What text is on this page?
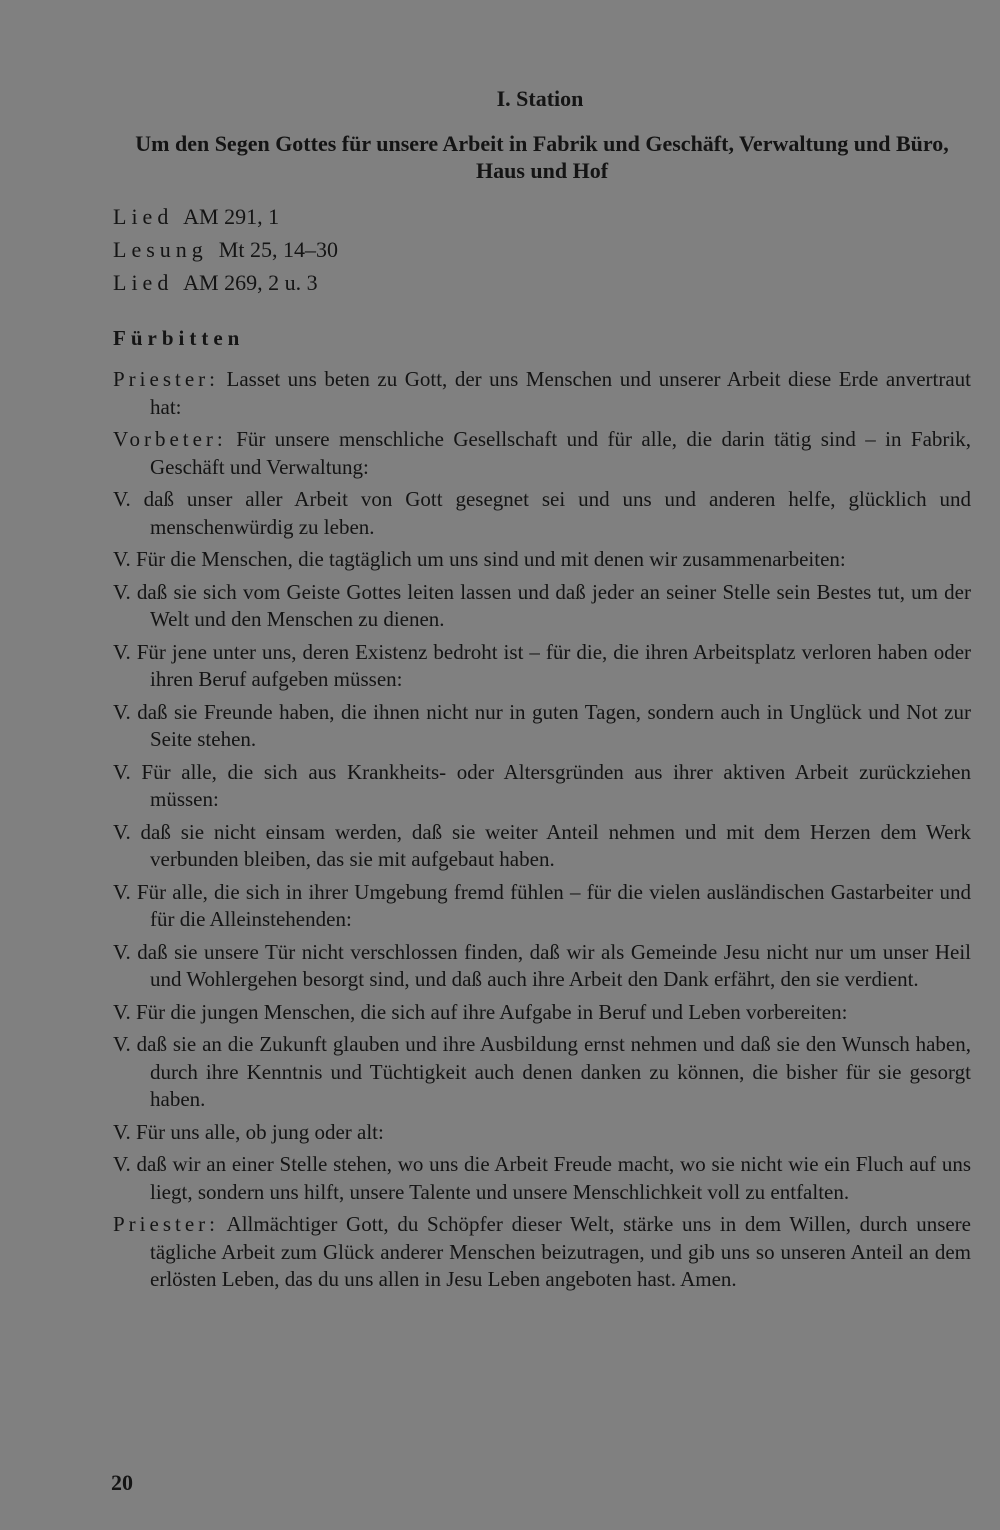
I. Station
Um den Segen Gottes für unsere Arbeit in Fabrik und Geschäft, Verwaltung und Büro, Haus und Hof
Lied AM 291, 1
Lesung Mt 25, 14–30
Lied AM 269, 2 u. 3
Fürbitten

Priester: Lasset uns beten zu Gott, der uns Menschen und unserer Arbeit diese Erde anvertraut hat:

Vorbeter: Für unsere menschliche Gesellschaft und für alle, die darin tätig sind – in Fabrik, Geschäft und Verwaltung:

V. daß unser aller Arbeit von Gott gesegnet sei und uns und anderen helfe, glücklich und menschenwürdig zu leben.

V. Für die Menschen, die tagtäglich um uns sind und mit denen wir zusammenarbeiten:

V. daß sie sich vom Geiste Gottes leiten lassen und daß jeder an seiner Stelle sein Bestes tut, um der Welt und den Menschen zu dienen.

V. Für jene unter uns, deren Existenz bedroht ist – für die, die ihren Arbeitsplatz verloren haben oder ihren Beruf aufgeben müssen:

V. daß sie Freunde haben, die ihnen nicht nur in guten Tagen, sondern auch in Unglück und Not zur Seite stehen.

V. Für alle, die sich aus Krankheits- oder Altersgründen aus ihrer aktiven Arbeit zurückziehen müssen:

V. daß sie nicht einsam werden, daß sie weiter Anteil nehmen und mit dem Herzen dem Werk verbunden bleiben, das sie mit aufgebaut haben.

V. Für alle, die sich in ihrer Umgebung fremd fühlen – für die vielen ausländischen Gastarbeiter und für die Alleinstehenden:

V. daß sie unsere Tür nicht verschlossen finden, daß wir als Gemeinde Jesu nicht nur um unser Heil und Wohlergehen besorgt sind, und daß auch ihre Arbeit den Dank erfährt, den sie verdient.

V. Für die jungen Menschen, die sich auf ihre Aufgabe in Beruf und Leben vorbereiten:

V. daß sie an die Zukunft glauben und ihre Ausbildung ernst nehmen und daß sie den Wunsch haben, durch ihre Kenntnis und Tüchtigkeit auch denen danken zu können, die bisher für sie gesorgt haben.

V. Für uns alle, ob jung oder alt:

V. daß wir an einer Stelle stehen, wo uns die Arbeit Freude macht, wo sie nicht wie ein Fluch auf uns liegt, sondern uns hilft, unsere Talente und unsere Menschlichkeit voll zu entfalten.

Priester: Allmächtiger Gott, du Schöpfer dieser Welt, stärke uns in dem Willen, durch unsere tägliche Arbeit zum Glück anderer Menschen beizutragen, und gib uns so unseren Anteil an dem erlösten Leben, das du uns allen in Jesu Leben angeboten hast. Amen.

20
